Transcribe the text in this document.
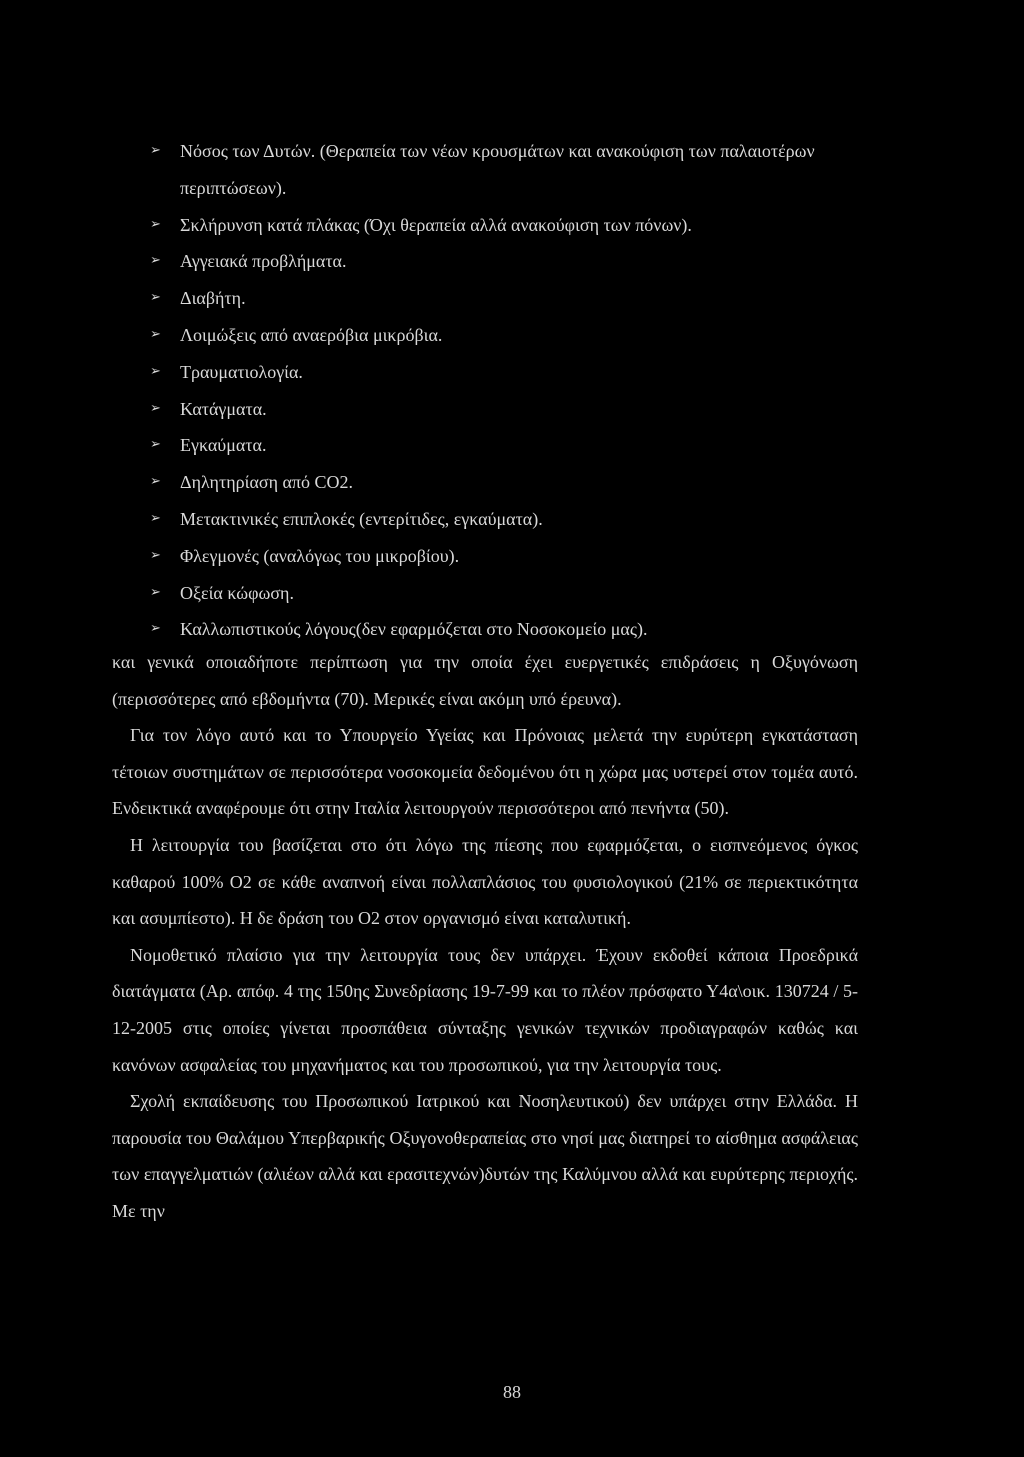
➢ Νόσος των Δυτών. (Θεραπεία των νέων κρουσμάτων και ανακούφιση των παλαιοτέρων περιπτώσεων).
➢ Σκλήρυνση κατά πλάκας (Όχι θεραπεία αλλά ανακούφιση των πόνων).
➢ Αγγειακά προβλήματα.
➢ Διαβήτη.
➢ Λοιμώξεις από αναερόβια μικρόβια.
➢ Τραυματιολογία.
➢ Κατάγματα.
➢ Εγκαύματα.
➢ Δηλητηρίαση από CO2.
➢ Μετακτινικές επιπλοκές (εντερίτιδες, εγκαύματα).
➢ Φλεγμονές (αναλόγως του μικροβίου).
➢ Οξεία κώφωση.
➢ Καλλωπιστικούς λόγους(δεν εφαρμόζεται στο Νοσοκομείο μας).

και γενικά οποιαδήποτε περίπτωση για την οποία έχει ευεργετικές επιδράσεις η Οξυγόνωση (περισσότερες από εβδομήντα (70). Μερικές είναι ακόμη υπό έρευνα).

Για τον λόγο αυτό και το Υπουργείο Υγείας και Πρόνοιας μελετά την ευρύτερη εγκατάσταση τέτοιων συστημάτων σε περισσότερα νοσοκομεία δεδομένου ότι η χώρα μας υστερεί στον τομέα αυτό. Ενδεικτικά αναφέρουμε ότι στην Ιταλία λειτουργούν περισσότεροι από πενήντα (50).

Η λειτουργία του βασίζεται στο ότι λόγω της πίεσης που εφαρμόζεται, ο εισπνεόμενος όγκος καθαρού 100% Ο2 σε κάθε αναπνοή είναι πολλαπλάσιος του φυσιολογικού (21% σε περιεκτικότητα και ασυμπίεστο). Η δε δράση του Ο2 στον οργανισμό είναι καταλυτική.

Νομοθετικό πλαίσιο για την λειτουργία τους δεν υπάρχει. Έχουν εκδοθεί κάποια Προεδρικά διατάγματα (Αρ. απόφ. 4 της 150ης Συνεδρίασης 19-7-99 και το πλέον πρόσφατο Υ4α\οικ. 130724 / 5-12-2005 στις οποίες γίνεται προσπάθεια σύνταξης γενικών τεχνικών προδιαγραφών καθώς και κανόνων ασφαλείας του μηχανήματος και του προσωπικού, για την λειτουργία τους.

Σχολή εκπαίδευσης του Προσωπικού Ιατρικού και Νοσηλευτικού) δεν υπάρχει στην Ελλάδα. Η παρουσία του Θαλάμου Υπερβαρικής Οξυγονοθεραπείας στο νησί μας διατηρεί το αίσθημα ασφάλειας των επαγγελματιών (αλιέων αλλά και ερασιτεχνών)δυτών της Καλύμνου αλλά και ευρύτερης περιοχής. Με την

88
